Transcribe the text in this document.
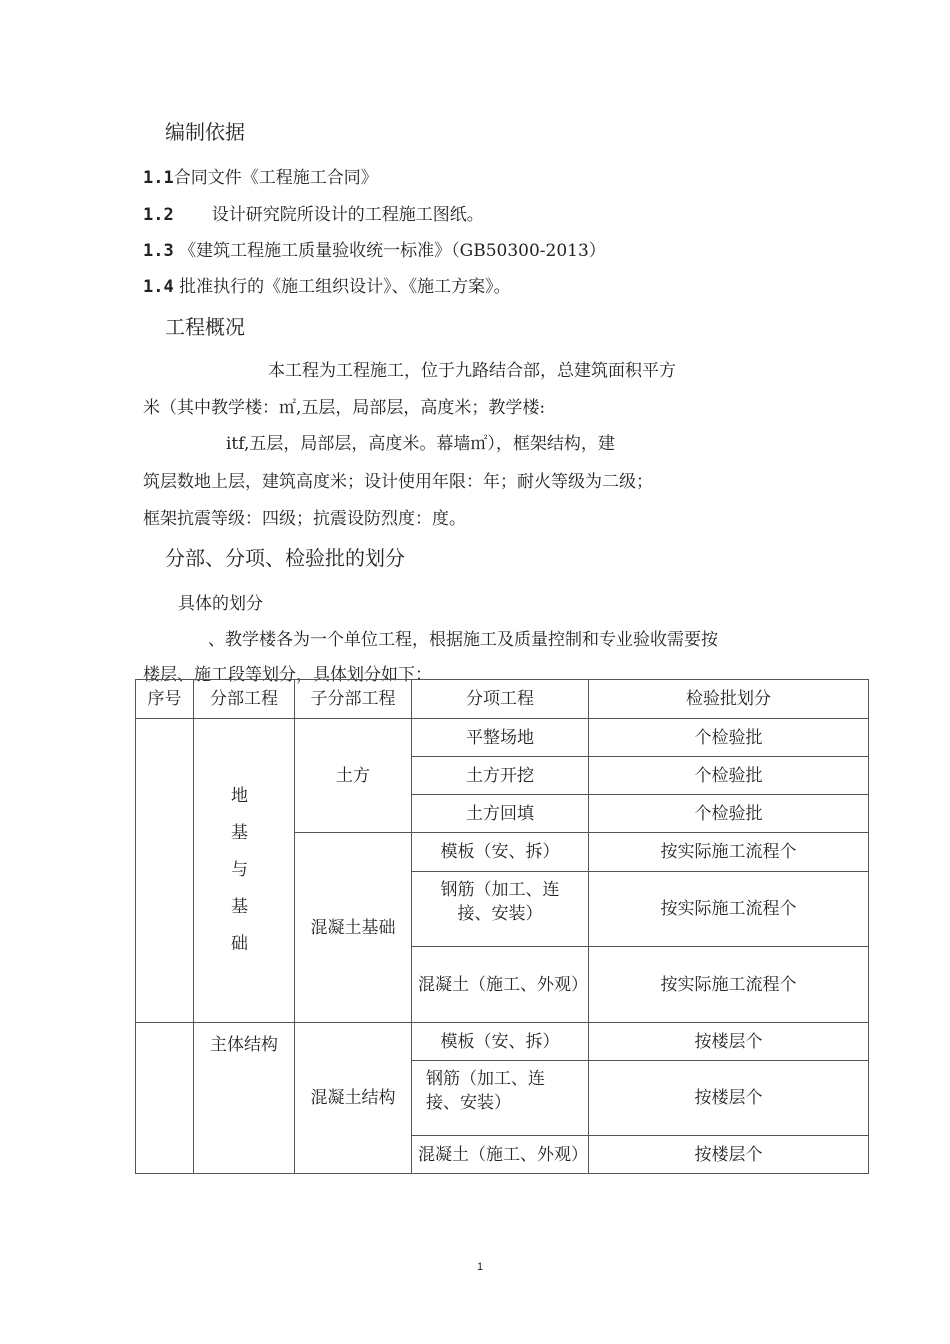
编制依据
1.1合同文件《工程施工合同》
1.2 设计研究院所设计的工程施工图纸。
1.3 《建筑工程施工质量验收统一标准》（GB50300-2013）
1.4 批准执行的《施工组织设计》、《施工方案》。
工程概况
本工程为工程施工，位于九路结合部，总建筑面积平方
米（其中教学楼：㎡,五层，局部层，高度米；教学楼:
itf,五层，局部层，高度米。幕墙㎡），框架结构，建
筑层数地上层，建筑高度米；设计使用年限：年；耐火等级为二级；
框架抗震等级：四级；抗震设防烈度：度。
分部、分项、检验批的划分
具体的划分
、教学楼各为一个单位工程，根据施工及质量控制和专业验收需要按
楼层、施工段等划分，具体划分如下：
序号	分部工程	子分部工程	分项工程	检验批划分

	地 基 与 基 础	土方	平整场地	个检验批
			土方开挖	个检验批
			土方回填	个检验批
		混凝土基础	模板（安、拆）	按实际施工流程个

			钢筋（加工、连接、安装）	按实际施工流程个

			混凝土（施工、外观）	按实际施工流程个
	主体结构	混凝土结构	模板（安、拆）	按楼层个

			钢筋（加工、连接、安装）	按楼层个

			混凝土（施工、外观）	按楼层个
1
